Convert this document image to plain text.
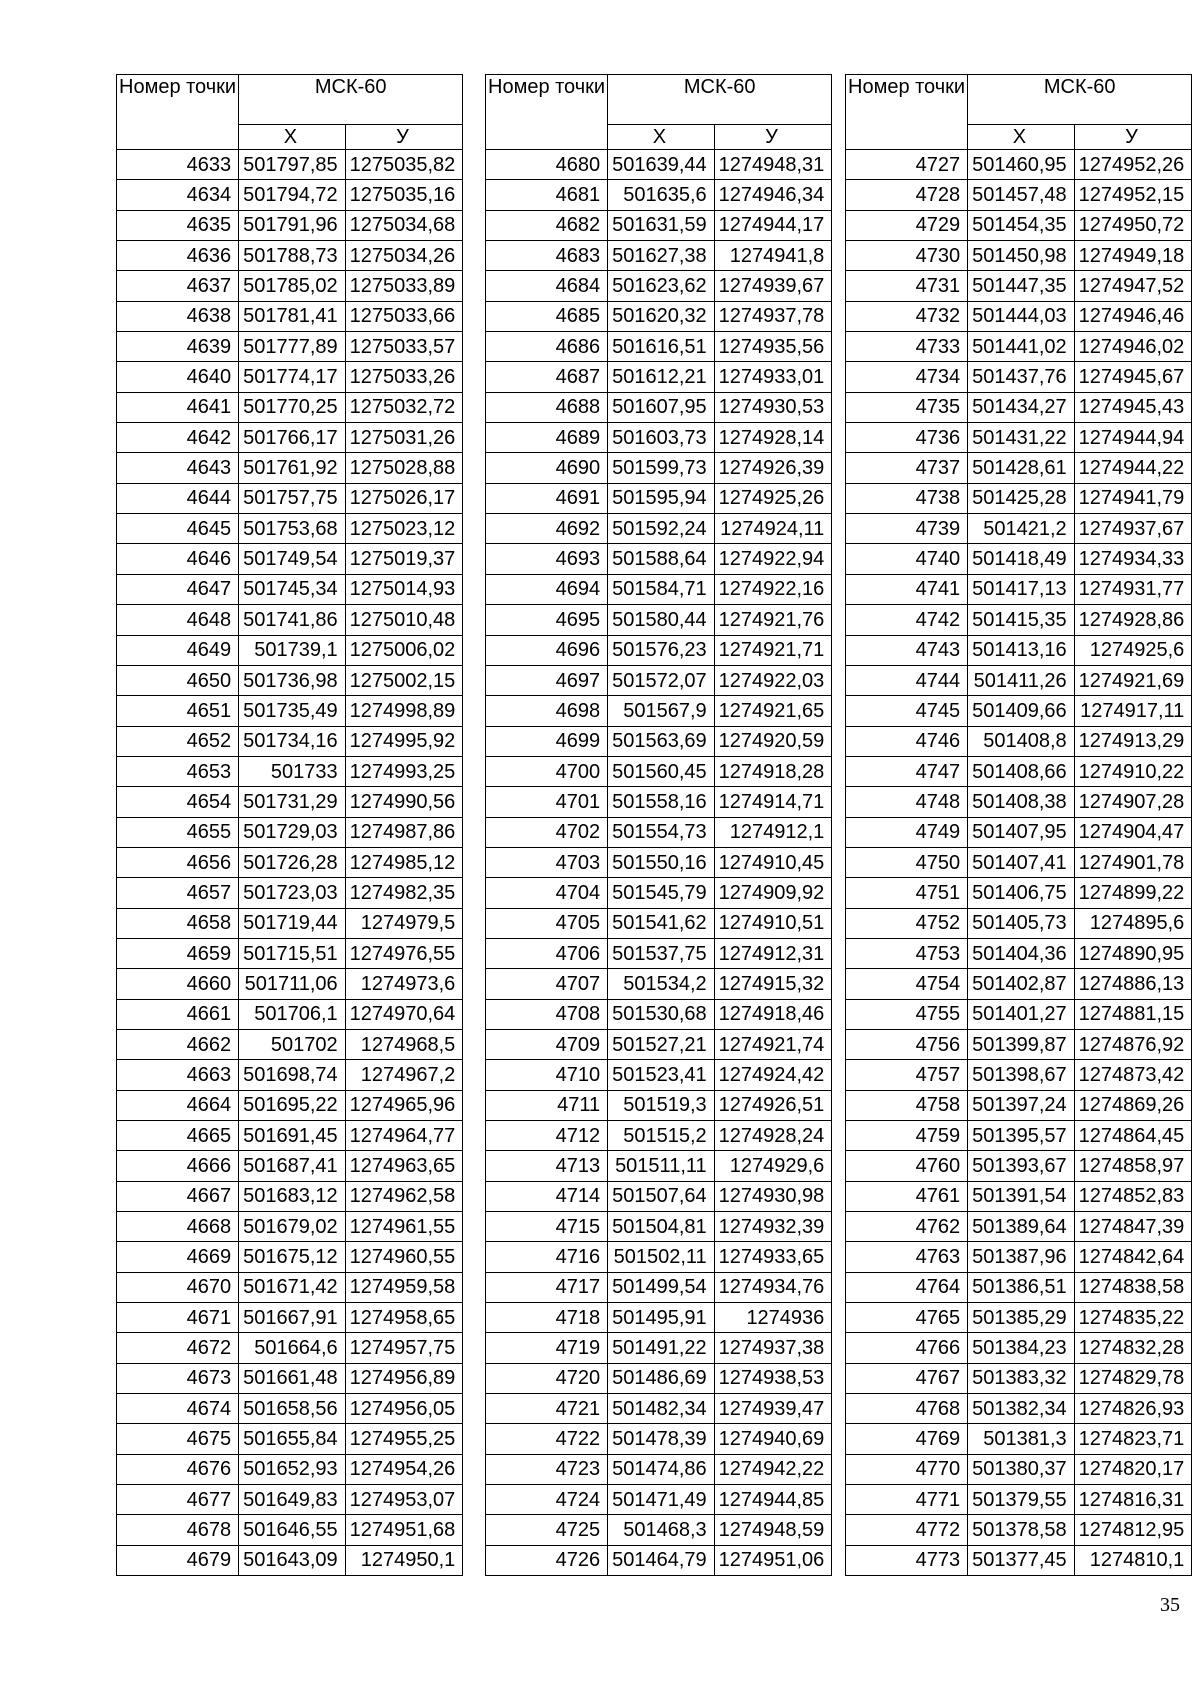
Номер точки	МСК-60	
	Х	У
4633	501797,85	1275035,82
4634	501794,72	1275035,16
4635	501791,96	1275034,68
4636	501788,73	1275034,26
4637	501785,02	1275033,89
4638	501781,41	1275033,66
4639	501777,89	1275033,57
4640	501774,17	1275033,26
4641	501770,25	1275032,72
4642	501766,17	1275031,26
4643	501761,92	1275028,88
4644	501757,75	1275026,17
4645	501753,68	1275023,12
4646	501749,54	1275019,37
4647	501745,34	1275014,93
4648	501741,86	1275010,48
4649	501739,1	1275006,02
4650	501736,98	1275002,15
4651	501735,49	1274998,89
4652	501734,16	1274995,92
4653	501733	1274993,25
4654	501731,29	1274990,56
4655	501729,03	1274987,86
4656	501726,28	1274985,12
4657	501723,03	1274982,35
4658	501719,44	1274979,5
4659	501715,51	1274976,55
4660	501711,06	1274973,6
4661	501706,1	1274970,64
4662	501702	1274968,5
4663	501698,74	1274967,2
4664	501695,22	1274965,96
4665	501691,45	1274964,77
4666	501687,41	1274963,65
4667	501683,12	1274962,58
4668	501679,02	1274961,55
4669	501675,12	1274960,55
4670	501671,42	1274959,58
4671	501667,91	1274958,65
4672	501664,6	1274957,75
4673	501661,48	1274956,89
4674	501658,56	1274956,05
4675	501655,84	1274955,25
4676	501652,93	1274954,26
4677	501649,83	1274953,07
4678	501646,55	1274951,68
4679	501643,09	1274950,1
Номер точки	МСК-60	
	Х	У
4680	501639,44	1274948,31
4681	501635,6	1274946,34
4682	501631,59	1274944,17
4683	501627,38	1274941,8
4684	501623,62	1274939,67
4685	501620,32	1274937,78
4686	501616,51	1274935,56
4687	501612,21	1274933,01
4688	501607,95	1274930,53
4689	501603,73	1274928,14
4690	501599,73	1274926,39
4691	501595,94	1274925,26
4692	501592,24	1274924,11
4693	501588,64	1274922,94
4694	501584,71	1274922,16
4695	501580,44	1274921,76
4696	501576,23	1274921,71
4697	501572,07	1274922,03
4698	501567,9	1274921,65
4699	501563,69	1274920,59
4700	501560,45	1274918,28
4701	501558,16	1274914,71
4702	501554,73	1274912,1
4703	501550,16	1274910,45
4704	501545,79	1274909,92
4705	501541,62	1274910,51
4706	501537,75	1274912,31
4707	501534,2	1274915,32
4708	501530,68	1274918,46
4709	501527,21	1274921,74
4710	501523,41	1274924,42
4711	501519,3	1274926,51
4712	501515,2	1274928,24
4713	501511,11	1274929,6
4714	501507,64	1274930,98
4715	501504,81	1274932,39
4716	501502,11	1274933,65
4717	501499,54	1274934,76
4718	501495,91	1274936
4719	501491,22	1274937,38
4720	501486,69	1274938,53
4721	501482,34	1274939,47
4722	501478,39	1274940,69
4723	501474,86	1274942,22
4724	501471,49	1274944,85
4725	501468,3	1274948,59
4726	501464,79	1274951,06
Номер точки	МСК-60	
	Х	У
4727	501460,95	1274952,26
4728	501457,48	1274952,15
4729	501454,35	1274950,72
4730	501450,98	1274949,18
4731	501447,35	1274947,52
4732	501444,03	1274946,46
4733	501441,02	1274946,02
4734	501437,76	1274945,67
4735	501434,27	1274945,43
4736	501431,22	1274944,94
4737	501428,61	1274944,22
4738	501425,28	1274941,79
4739	501421,2	1274937,67
4740	501418,49	1274934,33
4741	501417,13	1274931,77
4742	501415,35	1274928,86
4743	501413,16	1274925,6
4744	501411,26	1274921,69
4745	501409,66	1274917,11
4746	501408,8	1274913,29
4747	501408,66	1274910,22
4748	501408,38	1274907,28
4749	501407,95	1274904,47
4750	501407,41	1274901,78
4751	501406,75	1274899,22
4752	501405,73	1274895,6
4753	501404,36	1274890,95
4754	501402,87	1274886,13
4755	501401,27	1274881,15
4756	501399,87	1274876,92
4757	501398,67	1274873,42
4758	501397,24	1274869,26
4759	501395,57	1274864,45
4760	501393,67	1274858,97
4761	501391,54	1274852,83
4762	501389,64	1274847,39
4763	501387,96	1274842,64
4764	501386,51	1274838,58
4765	501385,29	1274835,22
4766	501384,23	1274832,28
4767	501383,32	1274829,78
4768	501382,34	1274826,93
4769	501381,3	1274823,71
4770	501380,37	1274820,17
4771	501379,55	1274816,31
4772	501378,58	1274812,95
4773	501377,45	1274810,1
35
